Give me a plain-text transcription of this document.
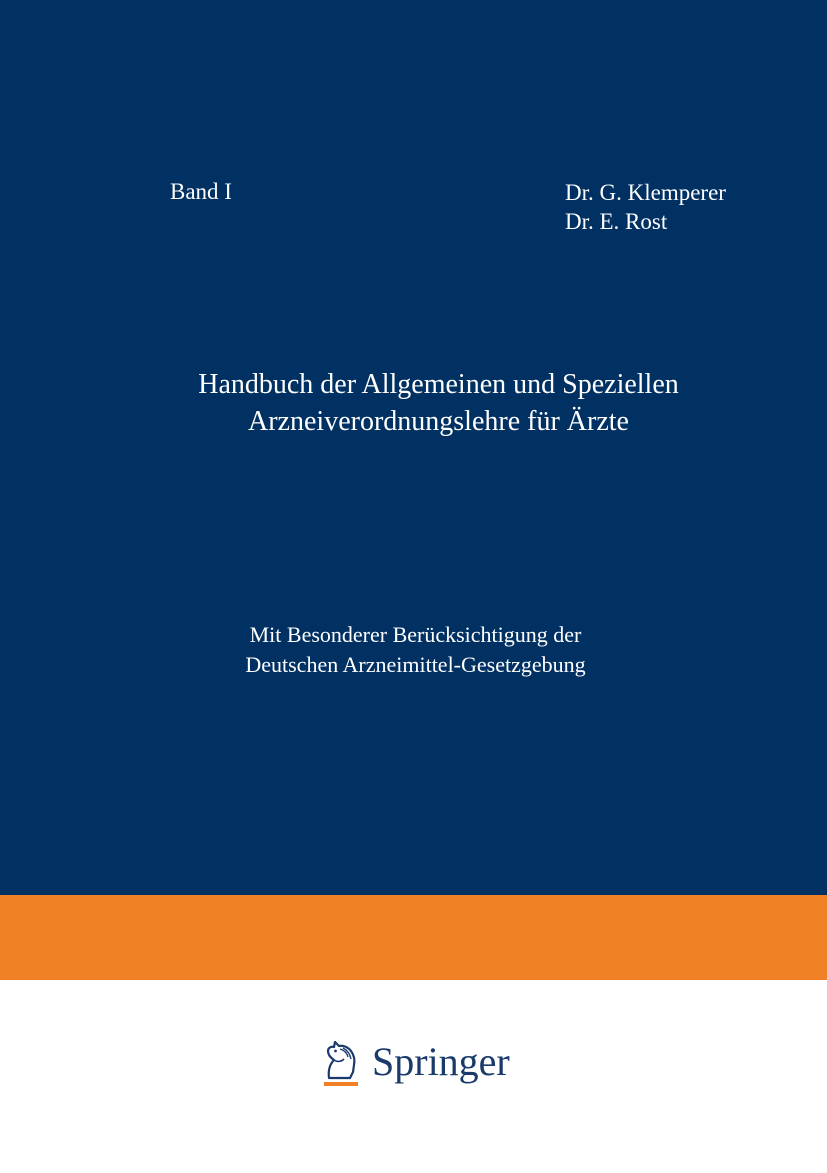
Band I	Dr. G. Klemperer
Dr. E. Rost
Handbuch der Allgemeinen und Speziellen
Arzneiverordnungslehre für Ärzte
Mit Besonderer Berücksichtigung der
Deutschen Arzneimittel-Gesetzgebung
Springer
